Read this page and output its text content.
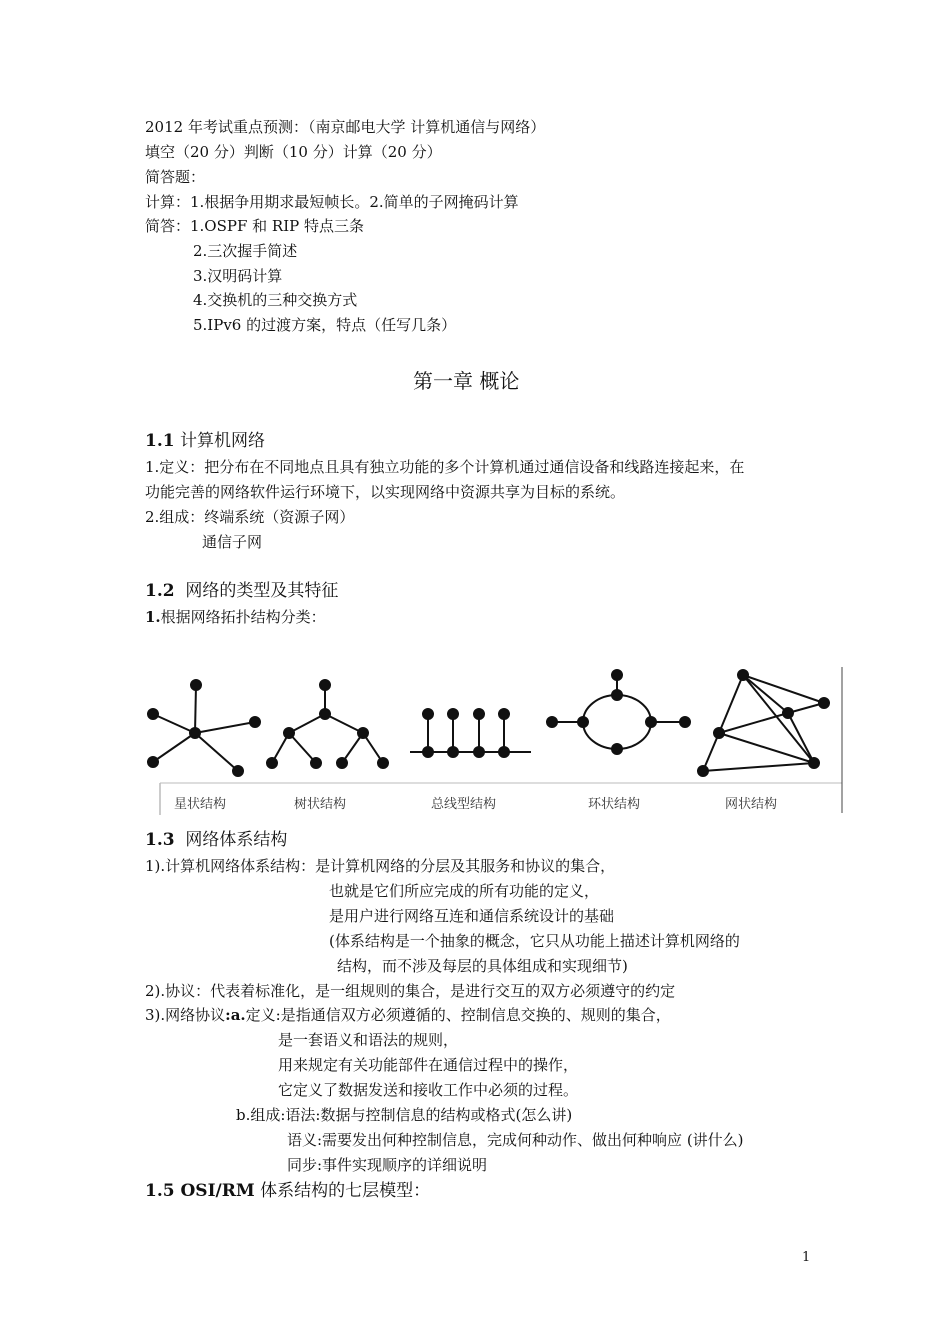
2012 年考试重点预测：（南京邮电大学 计算机通信与网络）
填空（20 分）判断（10 分）计算（20 分）
简答题：
计算：1.根据争用期求最短帧长。2.简单的子网掩码计算
简答：1.OSPF 和 RIP 特点三条
2.三次握手简述
3.汉明码计算
4.交换机的三种交换方式
5.IPv6 的过渡方案，特点（任写几条）
第一章 概论
1.1 计算机网络
1.定义：把分布在不同地点且具有独立功能的多个计算机通过通信设备和线路连接起来，在
功能完善的网络软件运行环境下，以实现网络中资源共享为目标的系统。
2.组成：终端系统（资源子网）
通信子网
1.2 网络的类型及其特征
1.根据网络拓扑结构分类：
星状结构	树状结构	总线型结构	环状结构	网状结构
1.3 网络体系结构
1).计算机网络体系结构：是计算机网络的分层及其服务和协议的集合，
也就是它们所应完成的所有功能的定义，
是用户进行网络互连和通信系统设计的基础
(体系结构是一个抽象的概念，它只从功能上描述计算机网络的
结构，而不涉及每层的具体组成和实现细节)
2).协议：代表着标准化，是一组规则的集合，是进行交互的双方必须遵守的约定
3).网络协议:a.定义:是指通信双方必须遵循的、控制信息交换的、规则的集合，
是一套语义和语法的规则，
用来规定有关功能部件在通信过程中的操作，
它定义了数据发送和接收工作中必须的过程。
b.组成:语法:数据与控制信息的结构或格式(怎么讲)
语义:需要发出何种控制信息，完成何种动作、做出何种响应 (讲什么)
同步:事件实现顺序的详细说明
1.5 OSI/RM 体系结构的七层模型：
1
